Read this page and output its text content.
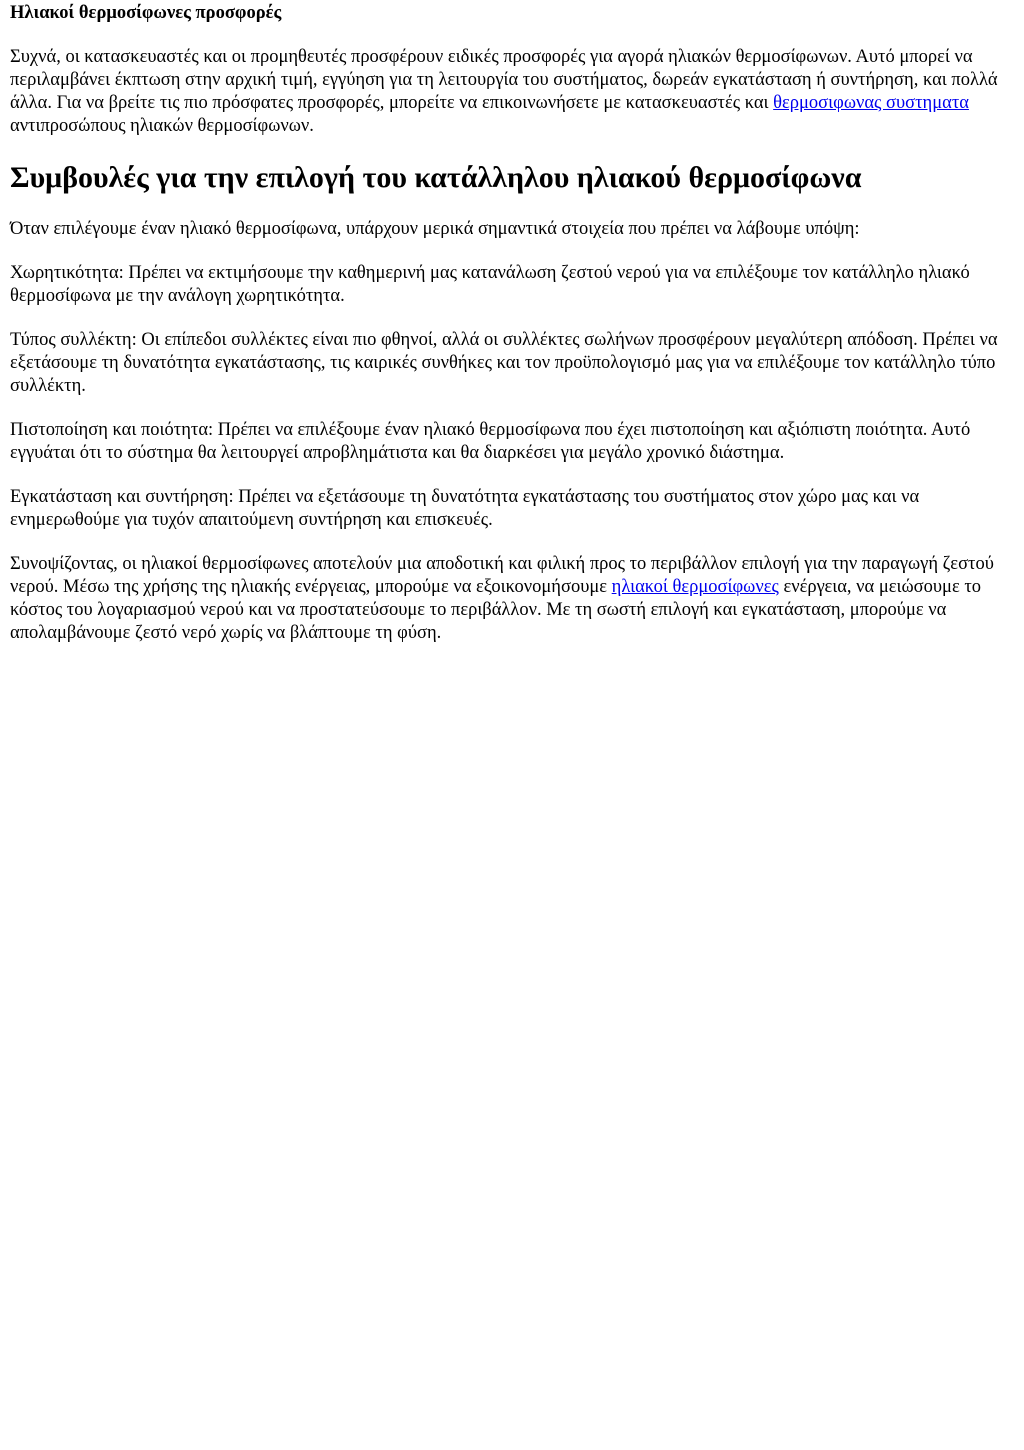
Ηλιακοί θερμοσίφωνες προσφορές

Συχνά, οι κατασκευαστές και οι προμηθευτές προσφέρουν ειδικές προσφορές για αγορά ηλιακών θερμοσίφωνων. Αυτό μπορεί να περιλαμβάνει έκπτωση στην αρχική τιμή, εγγύηση για τη λειτουργία του συστήματος, δωρεάν εγκατάσταση ή συντήρηση, και πολλά άλλα. Για να βρείτε τις πιο πρόσφατες προσφορές, μπορείτε να επικοινωνήσετε με κατασκευαστές και θερμοσιφωνας συστηματα αντιπροσώπους ηλιακών θερμοσίφωνων.

Συμβουλές για την επιλογή του κατάλληλου ηλιακού θερμοσίφωνα

Όταν επιλέγουμε έναν ηλιακό θερμοσίφωνα, υπάρχουν μερικά σημαντικά στοιχεία που πρέπει να λάβουμε υπόψη:

Χωρητικότητα: Πρέπει να εκτιμήσουμε την καθημερινή μας κατανάλωση ζεστού νερού για να επιλέξουμε τον κατάλληλο ηλιακό θερμοσίφωνα με την ανάλογη χωρητικότητα.

Τύπος συλλέκτη: Οι επίπεδοι συλλέκτες είναι πιο φθηνοί, αλλά οι συλλέκτες σωλήνων προσφέρουν μεγαλύτερη απόδοση. Πρέπει να εξετάσουμε τη δυνατότητα εγκατάστασης, τις καιρικές συνθήκες και τον προϋπολογισμό μας για να επιλέξουμε τον κατάλληλο τύπο συλλέκτη.

Πιστοποίηση και ποιότητα: Πρέπει να επιλέξουμε έναν ηλιακό θερμοσίφωνα που έχει πιστοποίηση και αξιόπιστη ποιότητα. Αυτό εγγυάται ότι το σύστημα θα λειτουργεί απροβλημάτιστα και θα διαρκέσει για μεγάλο χρονικό διάστημα.

Εγκατάσταση και συντήρηση: Πρέπει να εξετάσουμε τη δυνατότητα εγκατάστασης του συστήματος στον χώρο μας και να ενημερωθούμε για τυχόν απαιτούμενη συντήρηση και επισκευές.

Συνοψίζοντας, οι ηλιακοί θερμοσίφωνες αποτελούν μια αποδοτική και φιλική προς το περιβάλλον επιλογή για την παραγωγή ζεστού νερού. Μέσω της χρήσης της ηλιακής ενέργειας, μπορούμε να εξοικονομήσουμε ηλιακοί θερμοσίφωνες ενέργεια, να μειώσουμε το κόστος του λογαριασμού νερού και να προστατεύσουμε το περιβάλλον. Με τη σωστή επιλογή και εγκατάσταση, μπορούμε να απολαμβάνουμε ζεστό νερό χωρίς να βλάπτουμε τη φύση.
